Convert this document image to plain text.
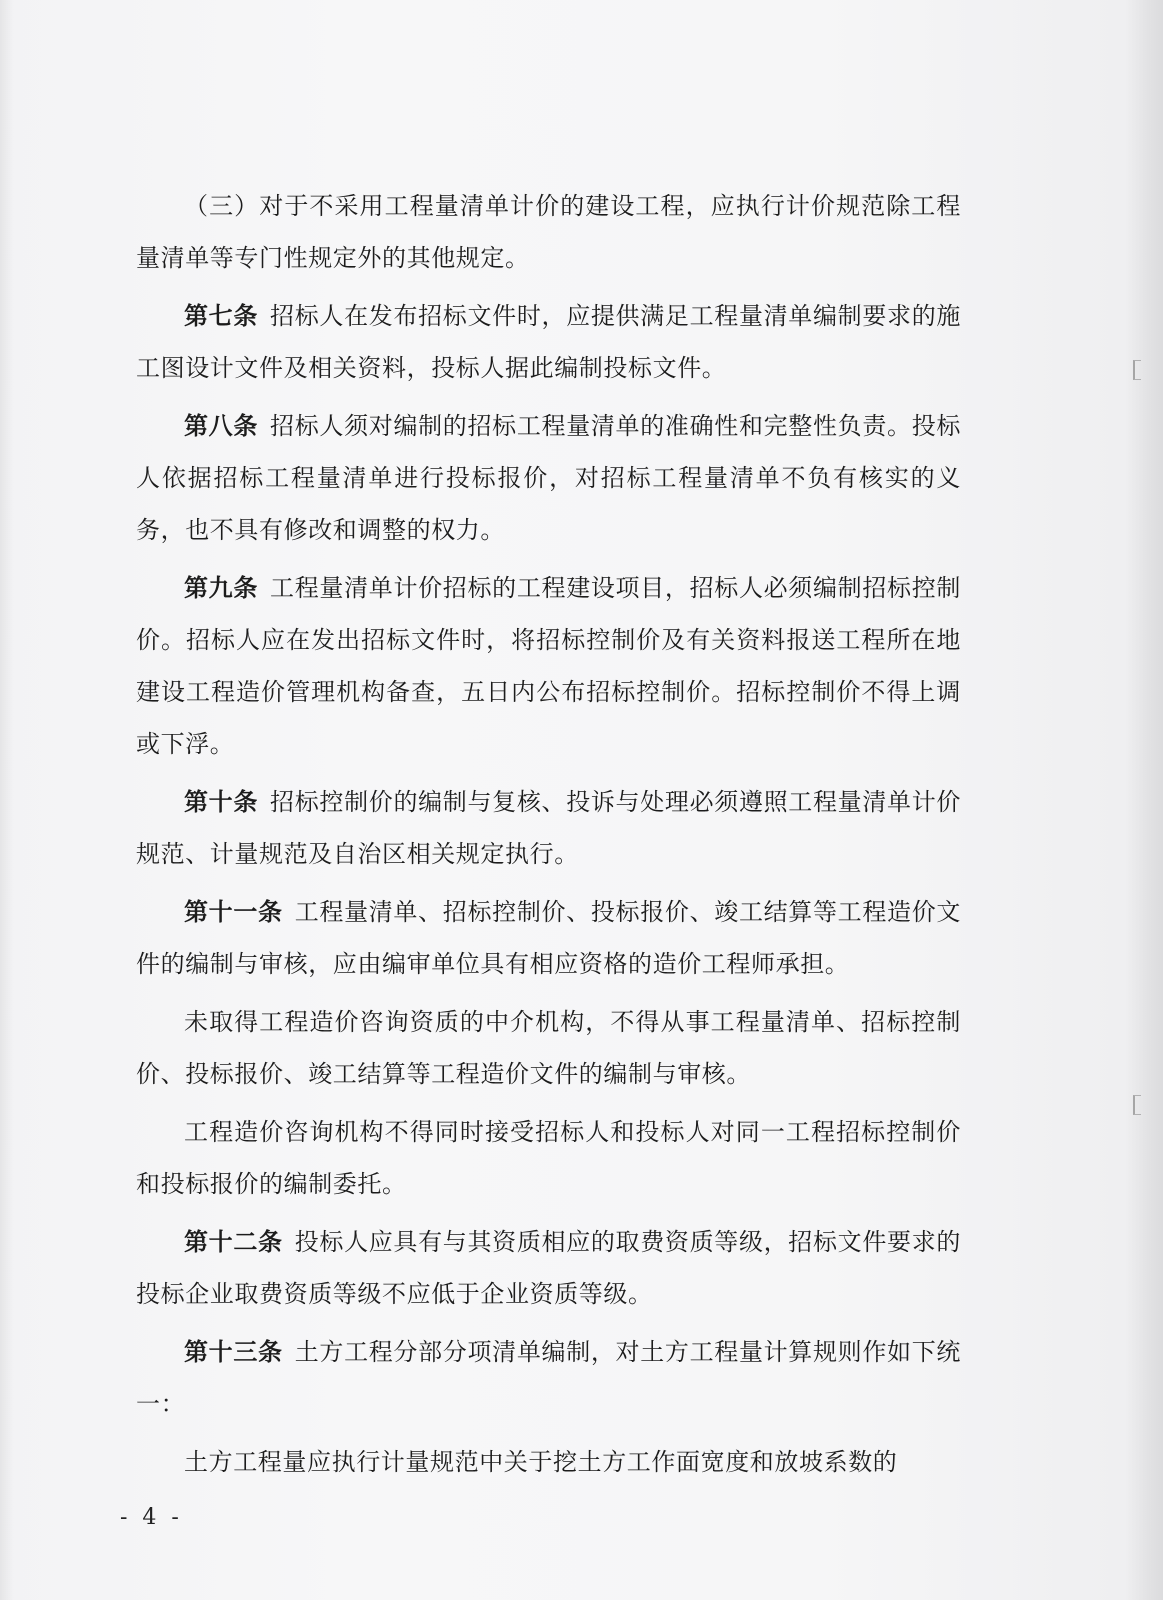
（三）对于不采用工程量清单计价的建设工程，应执行计价规范除工程量清单等专门性规定外的其他规定。

第七条 招标人在发布招标文件时，应提供满足工程量清单编制要求的施工图设计文件及相关资料，投标人据此编制投标文件。

第八条 招标人须对编制的招标工程量清单的准确性和完整性负责。投标人依据招标工程量清单进行投标报价，对招标工程量清单不负有核实的义务，也不具有修改和调整的权力。

第九条 工程量清单计价招标的工程建设项目，招标人必须编制招标控制价。招标人应在发出招标文件时，将招标控制价及有关资料报送工程所在地建设工程造价管理机构备查，五日内公布招标控制价。招标控制价不得上调或下浮。

第十条 招标控制价的编制与复核、投诉与处理必须遵照工程量清单计价规范、计量规范及自治区相关规定执行。

第十一条 工程量清单、招标控制价、投标报价、竣工结算等工程造价文件的编制与审核，应由编审单位具有相应资格的造价工程师承担。

未取得工程造价咨询资质的中介机构，不得从事工程量清单、招标控制价、投标报价、竣工结算等工程造价文件的编制与审核。

工程造价咨询机构不得同时接受招标人和投标人对同一工程招标控制价和投标报价的编制委托。

第十二条 投标人应具有与其资质相应的取费资质等级，招标文件要求的投标企业取费资质等级不应低于企业资质等级。

第十三条 土方工程分部分项清单编制，对土方工程量计算规则作如下统一：

土方工程量应执行计量规范中关于挖土方工作面宽度和放坡系数的

- 4 -
